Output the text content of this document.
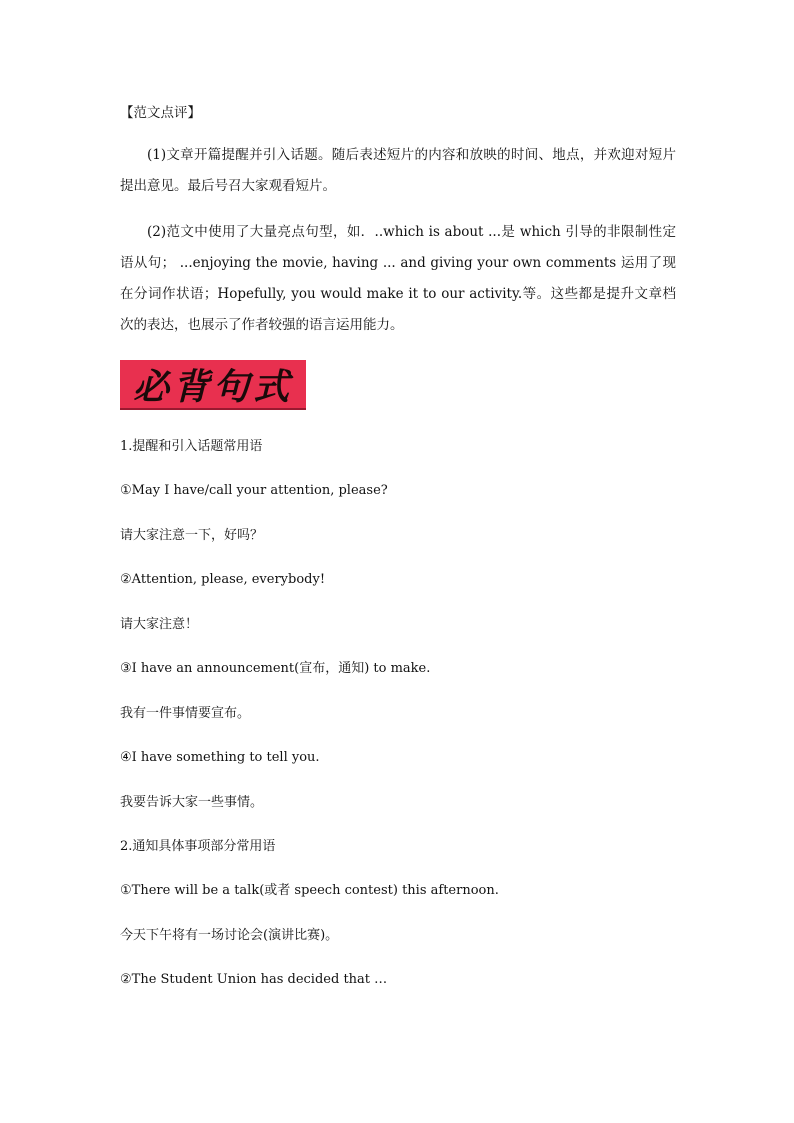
【范文点评】
(1)文章开篇提醒并引入话题。随后表述短片的内容和放映的时间、地点，并欢迎对短片提出意见。最后号召大家观看短片。
(2)范文中使用了大量亮点句型，如．..which is about ...是 which 引导的非限制性定语从句； ...enjoying the movie, having ... and giving your own comments 运用了现在分词作状语；Hopefully, you would make it to our activity.等。这些都是提升文章档次的表达，也展示了作者较强的语言运用能力。
必背句式
1.提醒和引入话题常用语
①May I have/call your attention, please?
请大家注意一下，好吗？
②Attention, please, everybody!
请大家注意！
③I have an announcement(宣布，通知) to make.
我有一件事情要宣布。
④I have something to tell you.
我要告诉大家一些事情。
2.通知具体事项部分常用语
①There will be a talk(或者 speech contest) this afternoon.
今天下午将有一场讨论会(演讲比赛)。
②The Student Union has decided that …
